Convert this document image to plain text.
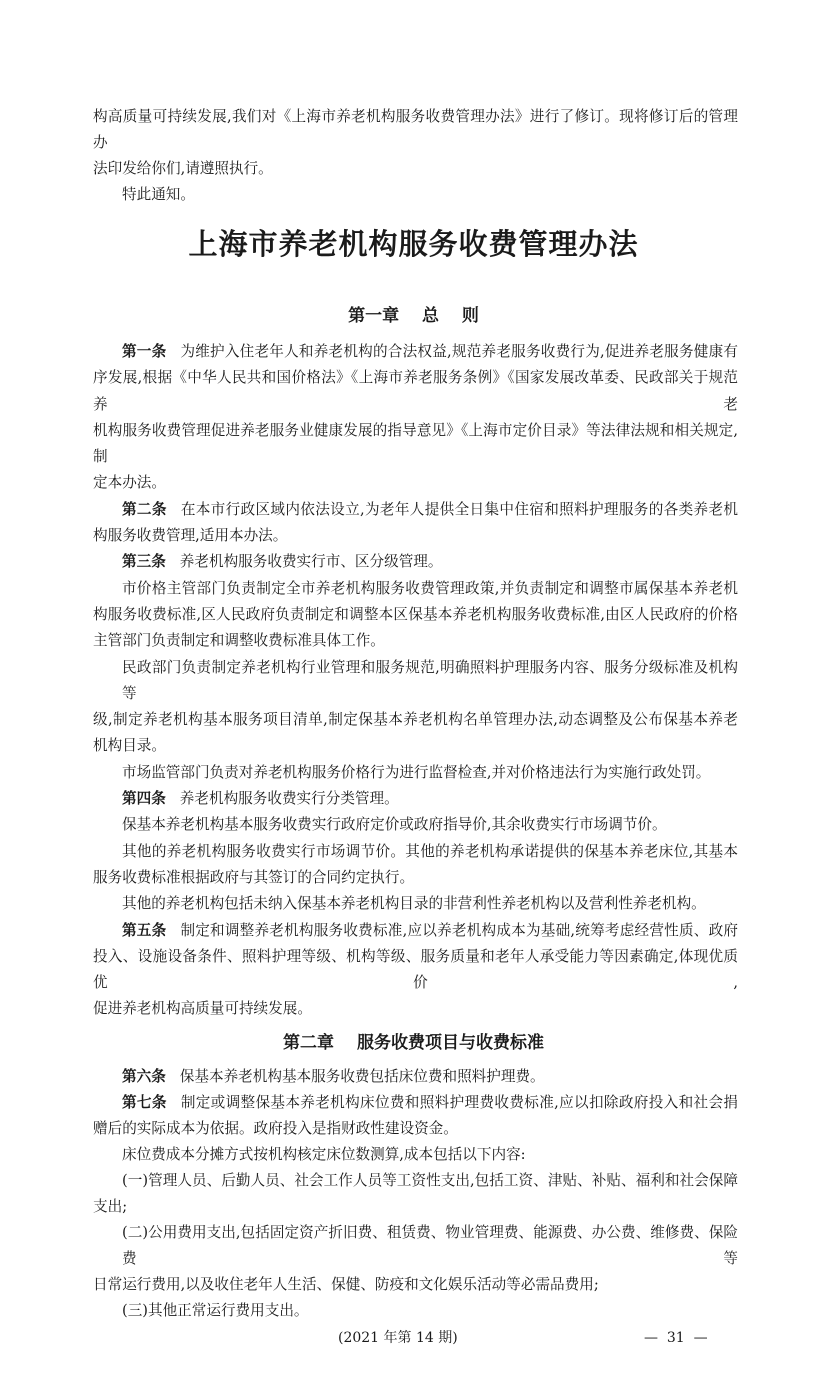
构高质量可持续发展,我们对《上海市养老机构服务收费管理办法》进行了修订。现将修订后的管理办
法印发给你们,请遵照执行。
特此通知。
上海市养老机构服务收费管理办法
第一章　 总　 则
第一条 为维护入住老年人和养老机构的合法权益,规范养老服务收费行为,促进养老服务健康有
序发展,根据《中华人民共和国价格法》《上海市养老服务条例》《国家发展改革委、民政部关于规范养老
机构服务收费管理促进养老服务业健康发展的指导意见》《上海市定价目录》等法律法规和相关规定,制
定本办法。
第二条 在本市行政区域内依法设立,为老年人提供全日集中住宿和照料护理服务的各类养老机
构服务收费管理,适用本办法。
第三条 养老机构服务收费实行市、区分级管理。
市价格主管部门负责制定全市养老机构服务收费管理政策,并负责制定和调整市属保基本养老机
构服务收费标准,区人民政府负责制定和调整本区保基本养老机构服务收费标准,由区人民政府的价格
主管部门负责制定和调整收费标准具体工作。
民政部门负责制定养老机构行业管理和服务规范,明确照料护理服务内容、服务分级标准及机构等
级,制定养老机构基本服务项目清单,制定保基本养老机构名单管理办法,动态调整及公布保基本养老
机构目录。
市场监管部门负责对养老机构服务价格行为进行监督检查,并对价格违法行为实施行政处罚。
第四条 养老机构服务收费实行分类管理。
保基本养老机构基本服务收费实行政府定价或政府指导价,其余收费实行市场调节价。
其他的养老机构服务收费实行市场调节价。其他的养老机构承诺提供的保基本养老床位,其基本
服务收费标准根据政府与其签订的合同约定执行。
其他的养老机构包括未纳入保基本养老机构目录的非营利性养老机构以及营利性养老机构。
第五条 制定和调整养老机构服务收费标准,应以养老机构成本为基础,统筹考虑经营性质、政府
投入、设施设备条件、照料护理等级、机构等级、服务质量和老年人承受能力等因素确定,体现优质优价,
促进养老机构高质量可持续发展。
第二章　 服务收费项目与收费标准
第六条 保基本养老机构基本服务收费包括床位费和照料护理费。
第七条 制定或调整保基本养老机构床位费和照料护理费收费标准,应以扣除政府投入和社会捐
赠后的实际成本为依据。政府投入是指财政性建设资金。
床位费成本分摊方式按机构核定床位数测算,成本包括以下内容:
(一)管理人员、后勤人员、社会工作人员等工资性支出,包括工资、津贴、补贴、福利和社会保障
支出;
(二)公用费用支出,包括固定资产折旧费、租赁费、物业管理费、能源费、办公费、维修费、保险费等
日常运行费用,以及收住老年人生活、保健、防疫和文化娱乐活动等必需品费用;
(三)其他正常运行费用支出。
(2021 年第 14 期)	—  31  —
